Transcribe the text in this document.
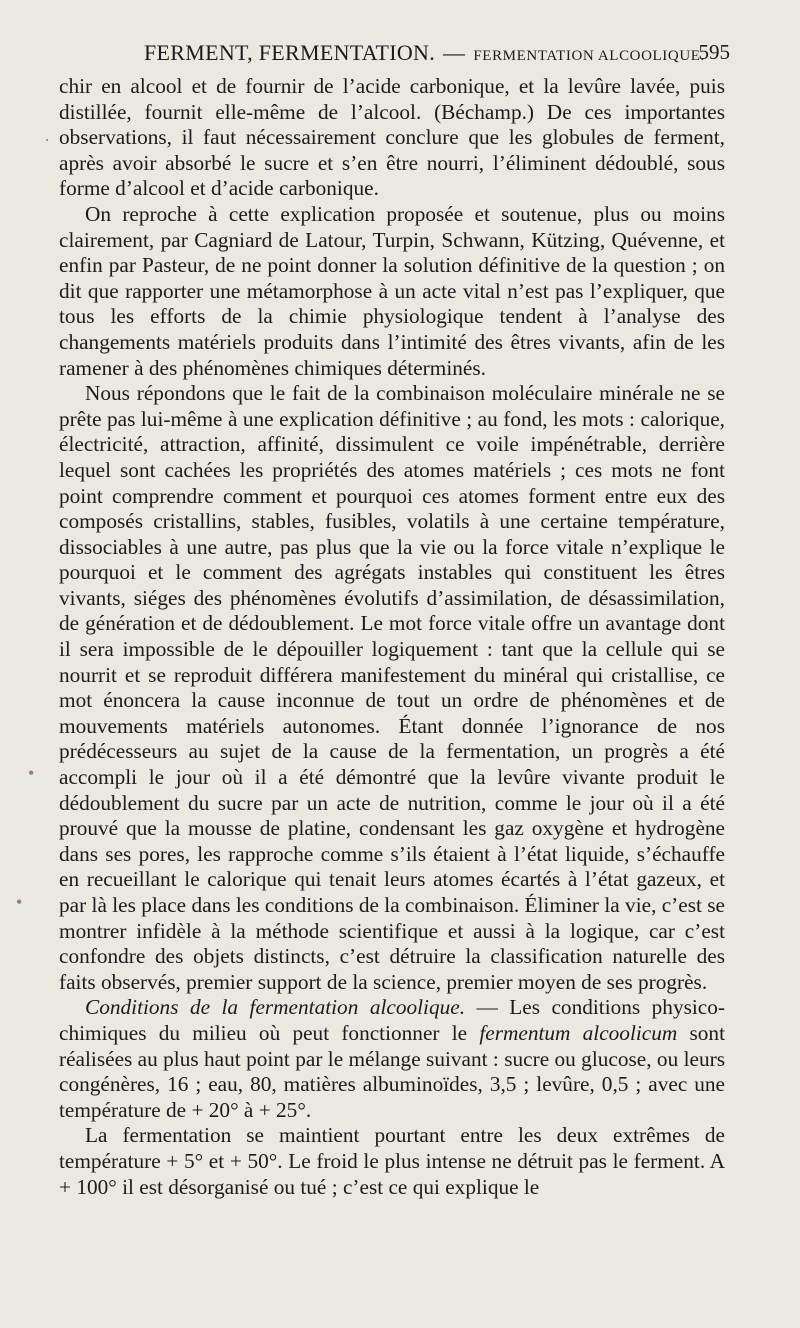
FERMENT, FERMENTATION. — FERMENTATION ALCOOLIQUE.
595

chir en alcool et de fournir de l’acide carbonique, et la levûre lavée, puis distillée, fournit elle-même de l’alcool. (Béchamp.) De ces importantes observations, il faut nécessairement conclure que les globules de ferment, après avoir absorbé le sucre et s’en être nourri, l’éliminent dédoublé, sous forme d’alcool et d’acide carbonique.

On reproche à cette explication proposée et soutenue, plus ou moins clairement, par Cagniard de Latour, Turpin, Schwann, Kützing, Quévenne, et enfin par Pasteur, de ne point donner la solution définitive de la question ; on dit que rapporter une métamorphose à un acte vital n’est pas l’expliquer, que tous les efforts de la chimie physiologique tendent à l’analyse des changements matériels produits dans l’intimité des êtres vivants, afin de les ramener à des phénomènes chimiques déterminés.

Nous répondons que le fait de la combinaison moléculaire minérale ne se prête pas lui-même à une explication définitive ; au fond, les mots : calorique, électricité, attraction, affinité, dissimulent ce voile impénétrable, derrière lequel sont cachées les propriétés des atomes matériels ; ces mots ne font point comprendre comment et pourquoi ces atomes forment entre eux des composés cristallins, stables, fusibles, volatils à une certaine température, dissociables à une autre, pas plus que la vie ou la force vitale n’explique le pourquoi et le comment des agrégats instables qui constituent les êtres vivants, siéges des phénomènes évolutifs d’assimilation, de désassimilation, de génération et de dédoublement. Le mot force vitale offre un avantage dont il sera impossible de le dépouiller logiquement : tant que la cellule qui se nourrit et se reproduit différera manifestement du minéral qui cristallise, ce mot énoncera la cause inconnue de tout un ordre de phénomènes et de mouvements matériels autonomes. Étant donnée l’ignorance de nos prédécesseurs au sujet de la cause de la fermentation, un progrès a été accompli le jour où il a été démontré que la levûre vivante produit le dédoublement du sucre par un acte de nutrition, comme le jour où il a été prouvé que la mousse de platine, condensant les gaz oxygène et hydrogène dans ses pores, les rapproche comme s’ils étaient à l’état liquide, s’échauffe en recueillant le calorique qui tenait leurs atomes écartés à l’état gazeux, et par là les place dans les conditions de la combinaison. Éliminer la vie, c’est se montrer infidèle à la méthode scientifique et aussi à la logique, car c’est confondre des objets distincts, c’est détruire la classification naturelle des faits observés, premier support de la science, premier moyen de ses progrès.

Conditions de la fermentation alcoolique. — Les conditions physico-chimiques du milieu où peut fonctionner le fermentum alcoolicum sont réalisées au plus haut point par le mélange suivant : sucre ou glucose, ou leurs congénères, 16 ; eau, 80, matières albuminoïdes, 3,5 ; levûre, 0,5 ; avec une température de + 20° à + 25°.

La fermentation se maintient pourtant entre les deux extrêmes de température + 5° et + 50°. Le froid le plus intense ne détruit pas le ferment. A + 100° il est désorganisé ou tué ; c’est ce qui explique le

·
•
•
